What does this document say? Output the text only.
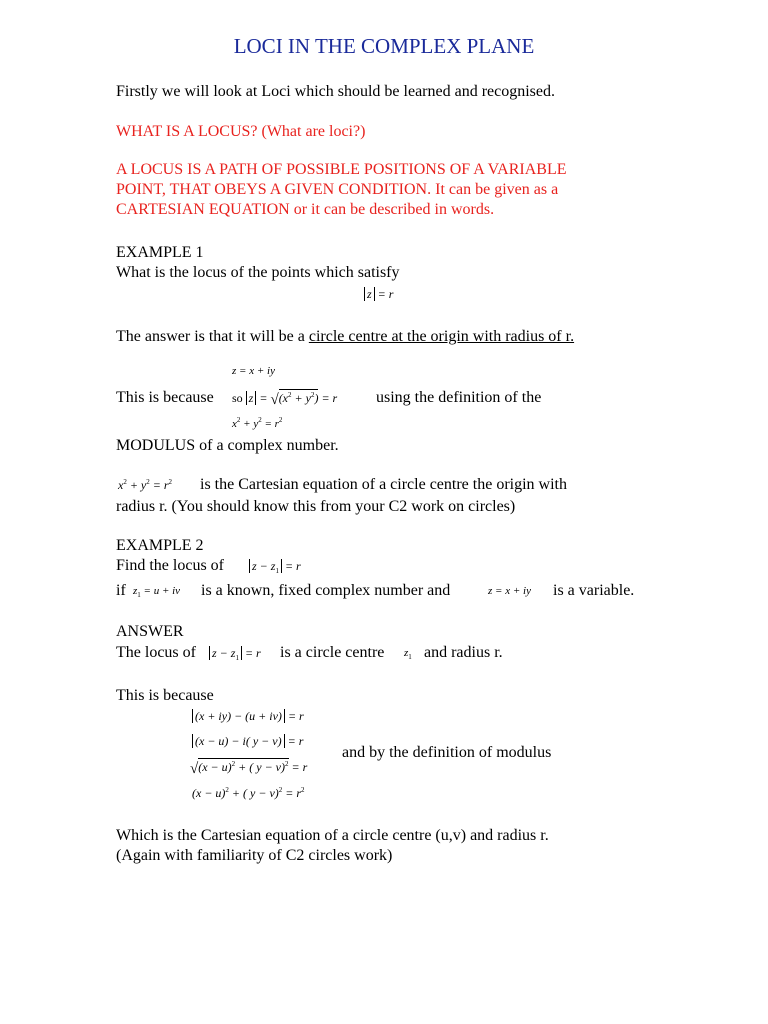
LOCI IN THE COMPLEX PLANE
Firstly we will look at Loci which should be learned and recognised.
WHAT IS A LOCUS? (What are loci?)
A LOCUS IS A PATH OF POSSIBLE POSITIONS OF A VARIABLE
POINT, THAT OBEYS A GIVEN CONDITION. It can be given as a
CARTESIAN EQUATION or it can be described in words.
EXAMPLE 1
What is the locus of the points which satisfy
z = r
The answer is that it will be a circle centre at the origin with radius of r.
z = x + iy
This is because so $z = √(x^2 + y^2) = r$ using the definition of the
$x^2 + y^2 = r^2$
MODULUS of a complex number.
$x^2 + y^2 = r^2$ is the Cartesian equation of a circle centre the origin with
radius r. (You should know this from your C2 work on circles)
EXAMPLE 2
Find the locus of $z - z_1 = r$
if $z_1 = u$ + iv is a known, fixed complex number and	z = x + iy is a variable.
ANSWER
The locus of $z - z_1 = r$ is a circle centre $z_1$ and radius r.
This is because
(x + iy) − (u + iv) = r
(x − u) − i( y − v) = r
$√(x - u)^2$ + ( y − v)$^2$ = r
$(x - u)^2$ + ( $y - v)^2 = r^2$
and by the definition of modulus
Which is the Cartesian equation of a circle centre (u,v) and radius r.
(Again with familiarity of C2 circles work)
